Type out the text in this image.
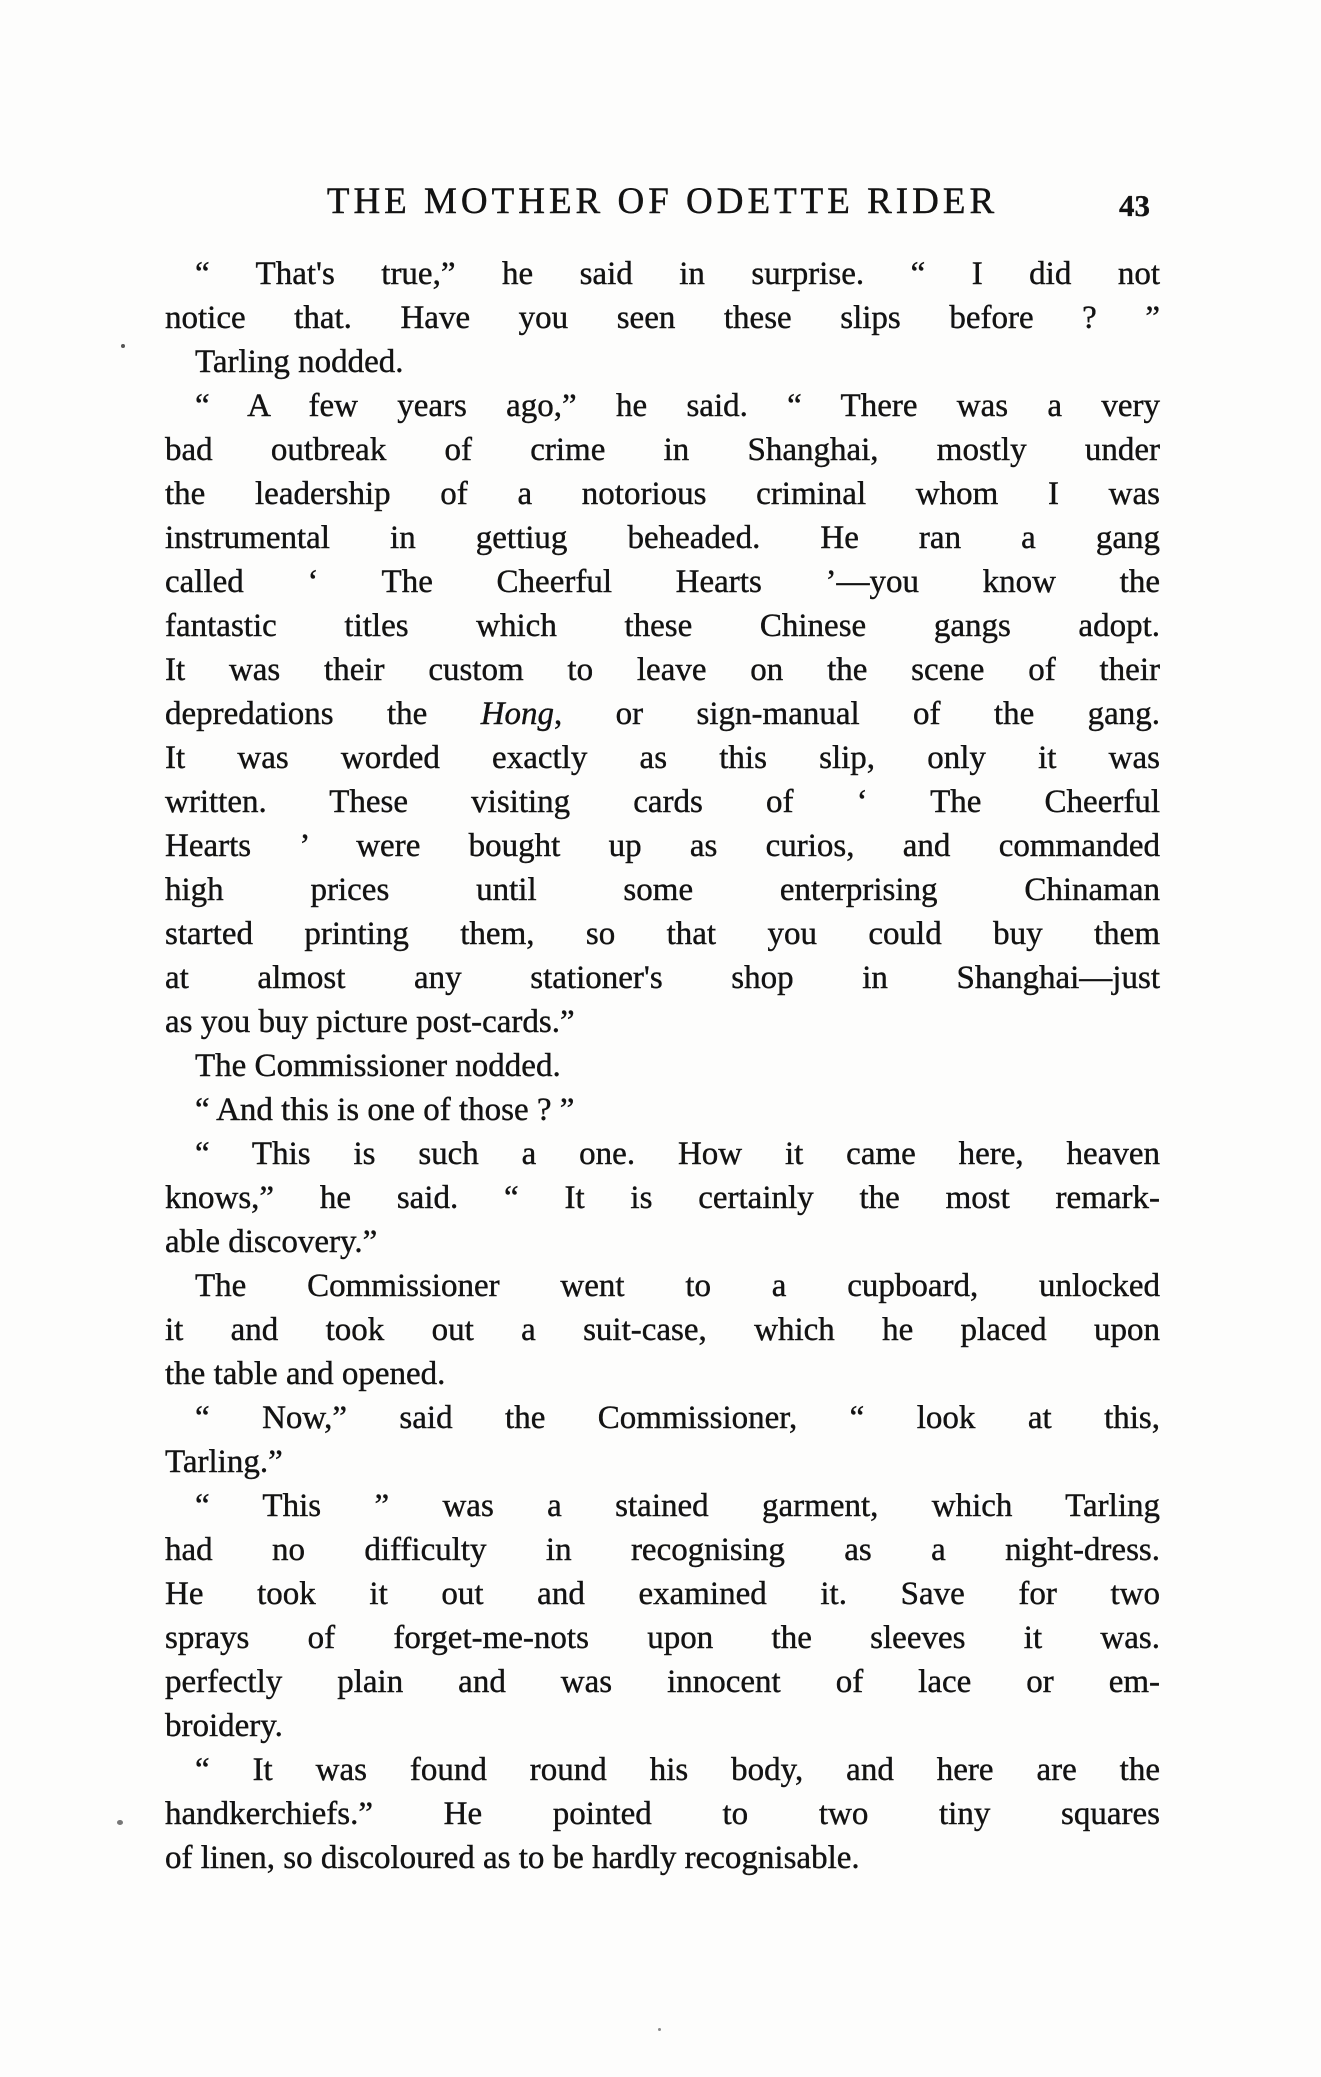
THE MOTHER OF ODETTE RIDER	43
“ That's true,” he said in surprise. “ I did not
notice that. Have you seen these slips before ? ”
Tarling nodded.
“ A few years ago,” he said. “ There was a very
bad outbreak of crime in Shanghai, mostly under
the leadership of a notorious criminal whom I was
instrumental in gettiug beheaded. He ran a gang
called ‘ The Cheerful Hearts ’—you know the
fantastic titles which these Chinese gangs adopt.
It was their custom to leave on the scene of their
depredations the Hong, or sign-manual of the gang.
It was worded exactly as this slip, only it was
written. These visiting cards of ‘ The Cheerful
Hearts ’ were bought up as curios, and commanded
high prices until some enterprising Chinaman
started printing them, so that you could buy them
at almost any stationer's shop in Shanghai—just
as you buy picture post-cards.”
The Commissioner nodded.
“ And this is one of those ? ”
“ This is such a one. How it came here, heaven
knows,” he said. “ It is certainly the most remark-
able discovery.”
The Commissioner went to a cupboard, unlocked
it and took out a suit-case, which he placed upon
the table and opened.
“ Now,” said the Commissioner, “ look at this,
Tarling.”
“ This ” was a stained garment, which Tarling
had no difficulty in recognising as a night-dress.
He took it out and examined it. Save for two
sprays of forget-me-nots upon the sleeves it was.
perfectly plain and was innocent of lace or em-
broidery.
“ It was found round his body, and here are the
handkerchiefs.” He pointed to two tiny squares
of linen, so discoloured as to be hardly recognisable.
